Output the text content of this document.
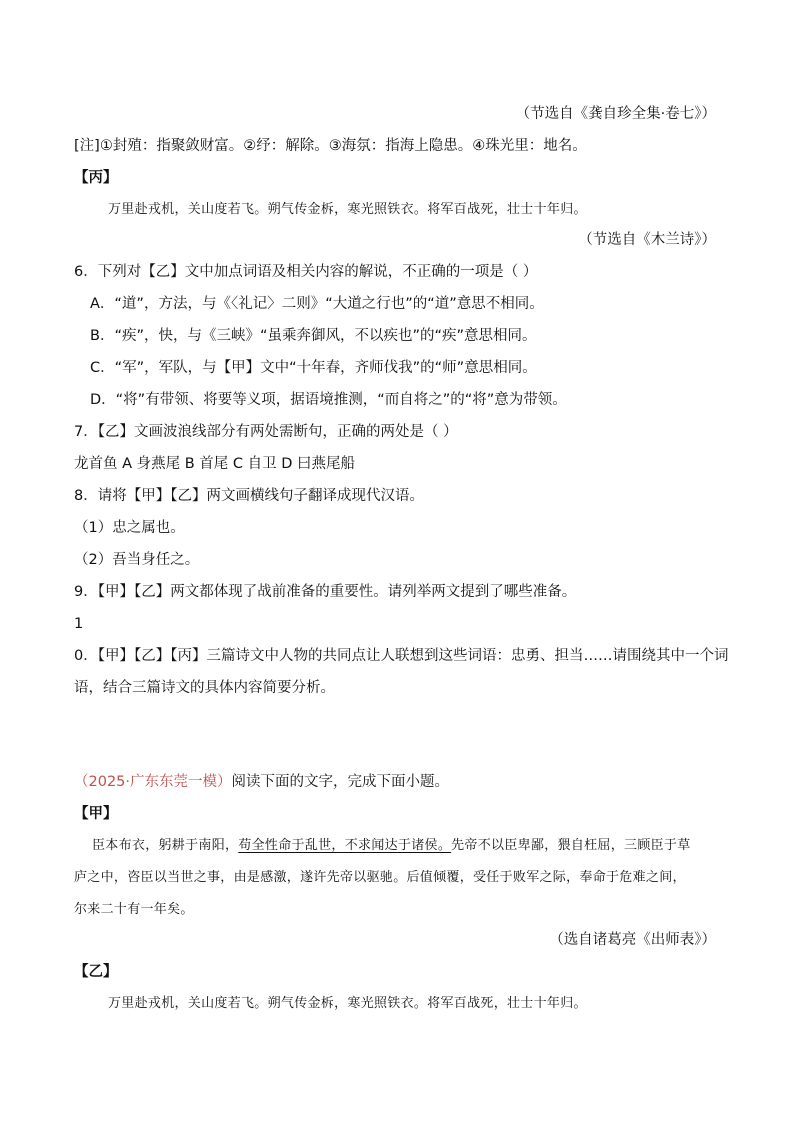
（节选自《龚自珍全集·卷七》）
[注]①封殖：指聚敛财富。②纾：解除。③海氛：指海上隐患。④珠光里：地名。
【丙】
万里赴戎机，关山度若飞。朔气传金柝，寒光照铁衣。将军百战死，壮士十年归。
（节选自《木兰诗》）
6．下列对【乙】文中加点词语及相关内容的解说，不正确的一项是（ ）
A．“道”，方法，与《〈礼记〉二则》“大道之行也”的“道”意思不相同。
B．“疾”，快，与《三峡》“虽乘奔御风，不以疾也”的“疾”意思相同。
C．“军”，军队，与【甲】文中“十年春，齐师伐我”的“师”意思相同。
D．“将”有带领、将要等义项，据语境推测，“而自将之”的“将”意为带领。
7．【乙】文画波浪线部分有两处需断句，正确的两处是（ ）
龙首鱼 A 身燕尾 B 首尾 C 自卫 D 曰燕尾船
8．请将【甲】【乙】两文画横线句子翻译成现代汉语。
（1）忠之属也。
（2）吾当身任之。
9．【甲】【乙】两文都体现了战前准备的重要性。请列举两文提到了哪些准备。
1
0．【甲】【乙】【丙】三篇诗文中人物的共同点让人联想到这些词语：忠勇、担当……请围绕其中一个词
语，结合三篇诗文的具体内容简要分析。
（2025·广东东莞一模）阅读下面的文字，完成下面小题。
【甲】
臣本布衣，躬耕于南阳，苟全性命于乱世，不求闻达于诸侯。先帝不以臣卑鄙，猥自枉屈，三顾臣于草
庐之中，咨臣以当世之事，由是感激，遂许先帝以驱驰。后值倾覆，受任于败军之际，奉命于危难之间，
尔来二十有一年矣。
（选自诸葛亮《出师表》）
【乙】
万里赴戎机，关山度若飞。朔气传金柝，寒光照铁衣。将军百战死，壮士十年归。
